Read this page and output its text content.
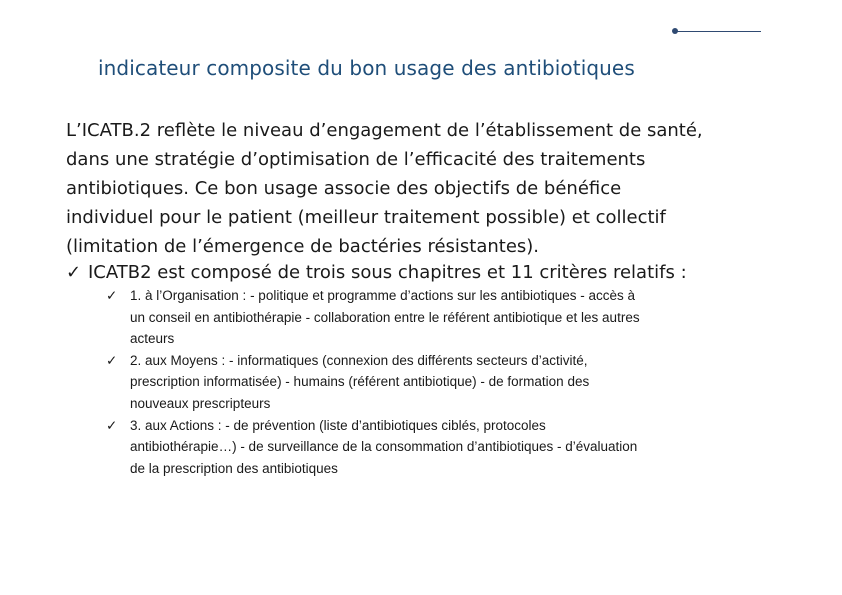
indicateur composite du bon usage des antibiotiques
L’ICATB.2 reflète le niveau d’engagement de l’établissement de santé,
dans une stratégie d’optimisation de l’efficacité des traitements
antibiotiques. Ce bon usage associe des objectifs de bénéfice
individuel pour le patient (meilleur traitement possible) et collectif
(limitation de l’émergence de bactéries résistantes).
✓ ICATB2 est composé de trois sous chapitres et 11 critères relatifs :
✓ 1. à l’Organisation : - politique et programme d’actions sur les antibiotiques - accès à
un conseil en antibiothérapie - collaboration entre le référent antibiotique et les autres
acteurs
✓ 2. aux Moyens : - informatiques (connexion des différents secteurs d’activité,
prescription informatisée) - humains (référent antibiotique) - de formation des
nouveaux prescripteurs
✓ 3. aux Actions : - de prévention (liste d’antibiotiques ciblés, protocoles
antibiothérapie…) - de surveillance de la consommation d’antibiotiques - d’évaluation
de la prescription des antibiotiques
